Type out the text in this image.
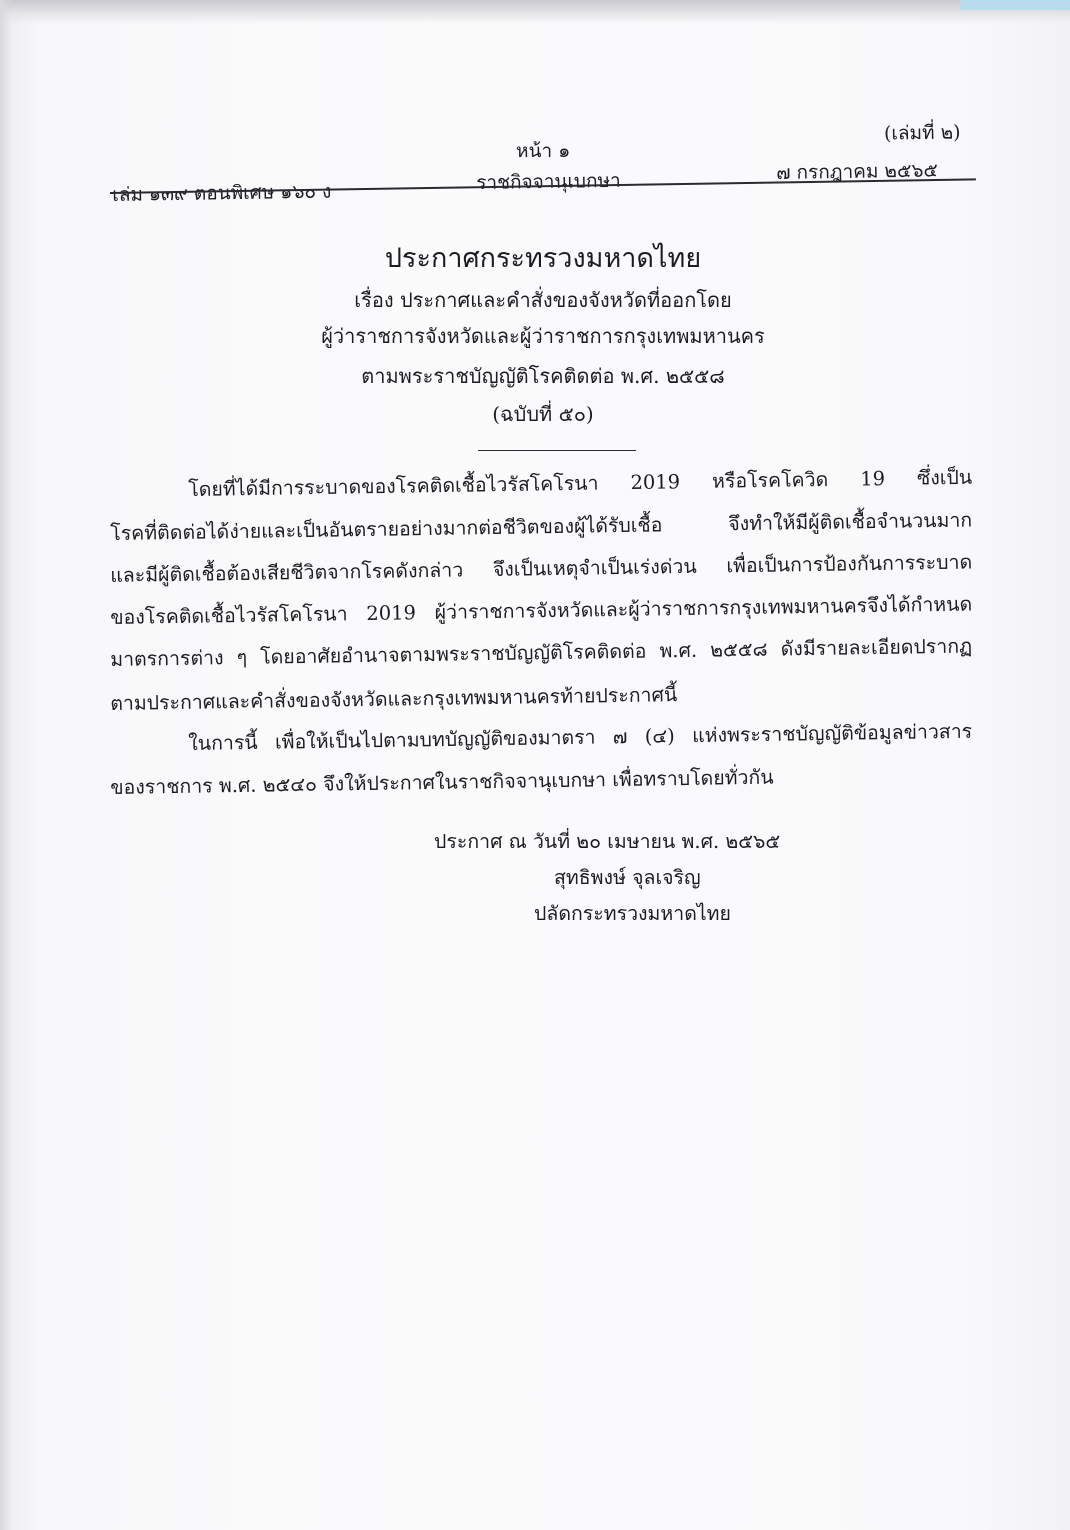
หน้า ๑
(เล่มที่ ๒)
เล่ม ๑๓๙ ตอนพิเศษ ๑๖๐ ง	ราชกิจจานุเบกษา	๗ กรกฎาคม ๒๕๖๕
ประกาศกระทรวงมหาดไทย
เรื่อง ประกาศและคำสั่งของจังหวัดที่ออกโดย
ผู้ว่าราชการจังหวัดและผู้ว่าราชการกรุงเทพมหานคร
ตามพระราชบัญญัติโรคติดต่อ พ.ศ. ๒๕๕๘
(ฉบับที่ ๕๐)
โดยที่ได้มีการระบาดของโรคติดเชื้อไวรัสโคโรนา 2019 หรือโรคโควิด 19 ซึ่งเป็น
โรคที่ติดต่อได้ง่ายและเป็นอันตรายอย่างมากต่อชีวิตของผู้ได้รับเชื้อ จึงทำให้มีผู้ติดเชื้อจำนวนมาก
และมีผู้ติดเชื้อต้องเสียชีวิตจากโรคดังกล่าว จึงเป็นเหตุจำเป็นเร่งด่วน เพื่อเป็นการป้องกันการระบาด
ของโรคติดเชื้อไวรัสโคโรนา 2019 ผู้ว่าราชการจังหวัดและผู้ว่าราชการกรุงเทพมหานครจึงได้กำหนด
มาตรการต่าง ๆ โดยอาศัยอำนาจตามพระราชบัญญัติโรคติดต่อ พ.ศ. ๒๕๕๘ ดังมีรายละเอียดปรากฏ
ตามประกาศและคำสั่งของจังหวัดและกรุงเทพมหานครท้ายประกาศนี้
ในการนี้ เพื่อให้เป็นไปตามบทบัญญัติของมาตรา ๗ (๔) แห่งพระราชบัญญัติข้อมูลข่าวสาร
ของราชการ พ.ศ. ๒๕๔๐ จึงให้ประกาศในราชกิจจานุเบกษา เพื่อทราบโดยทั่วกัน
ประกาศ ณ วันที่ ๒๐ เมษายน พ.ศ. ๒๕๖๕
สุทธิพงษ์ จุลเจริญ
ปลัดกระทรวงมหาดไทย
